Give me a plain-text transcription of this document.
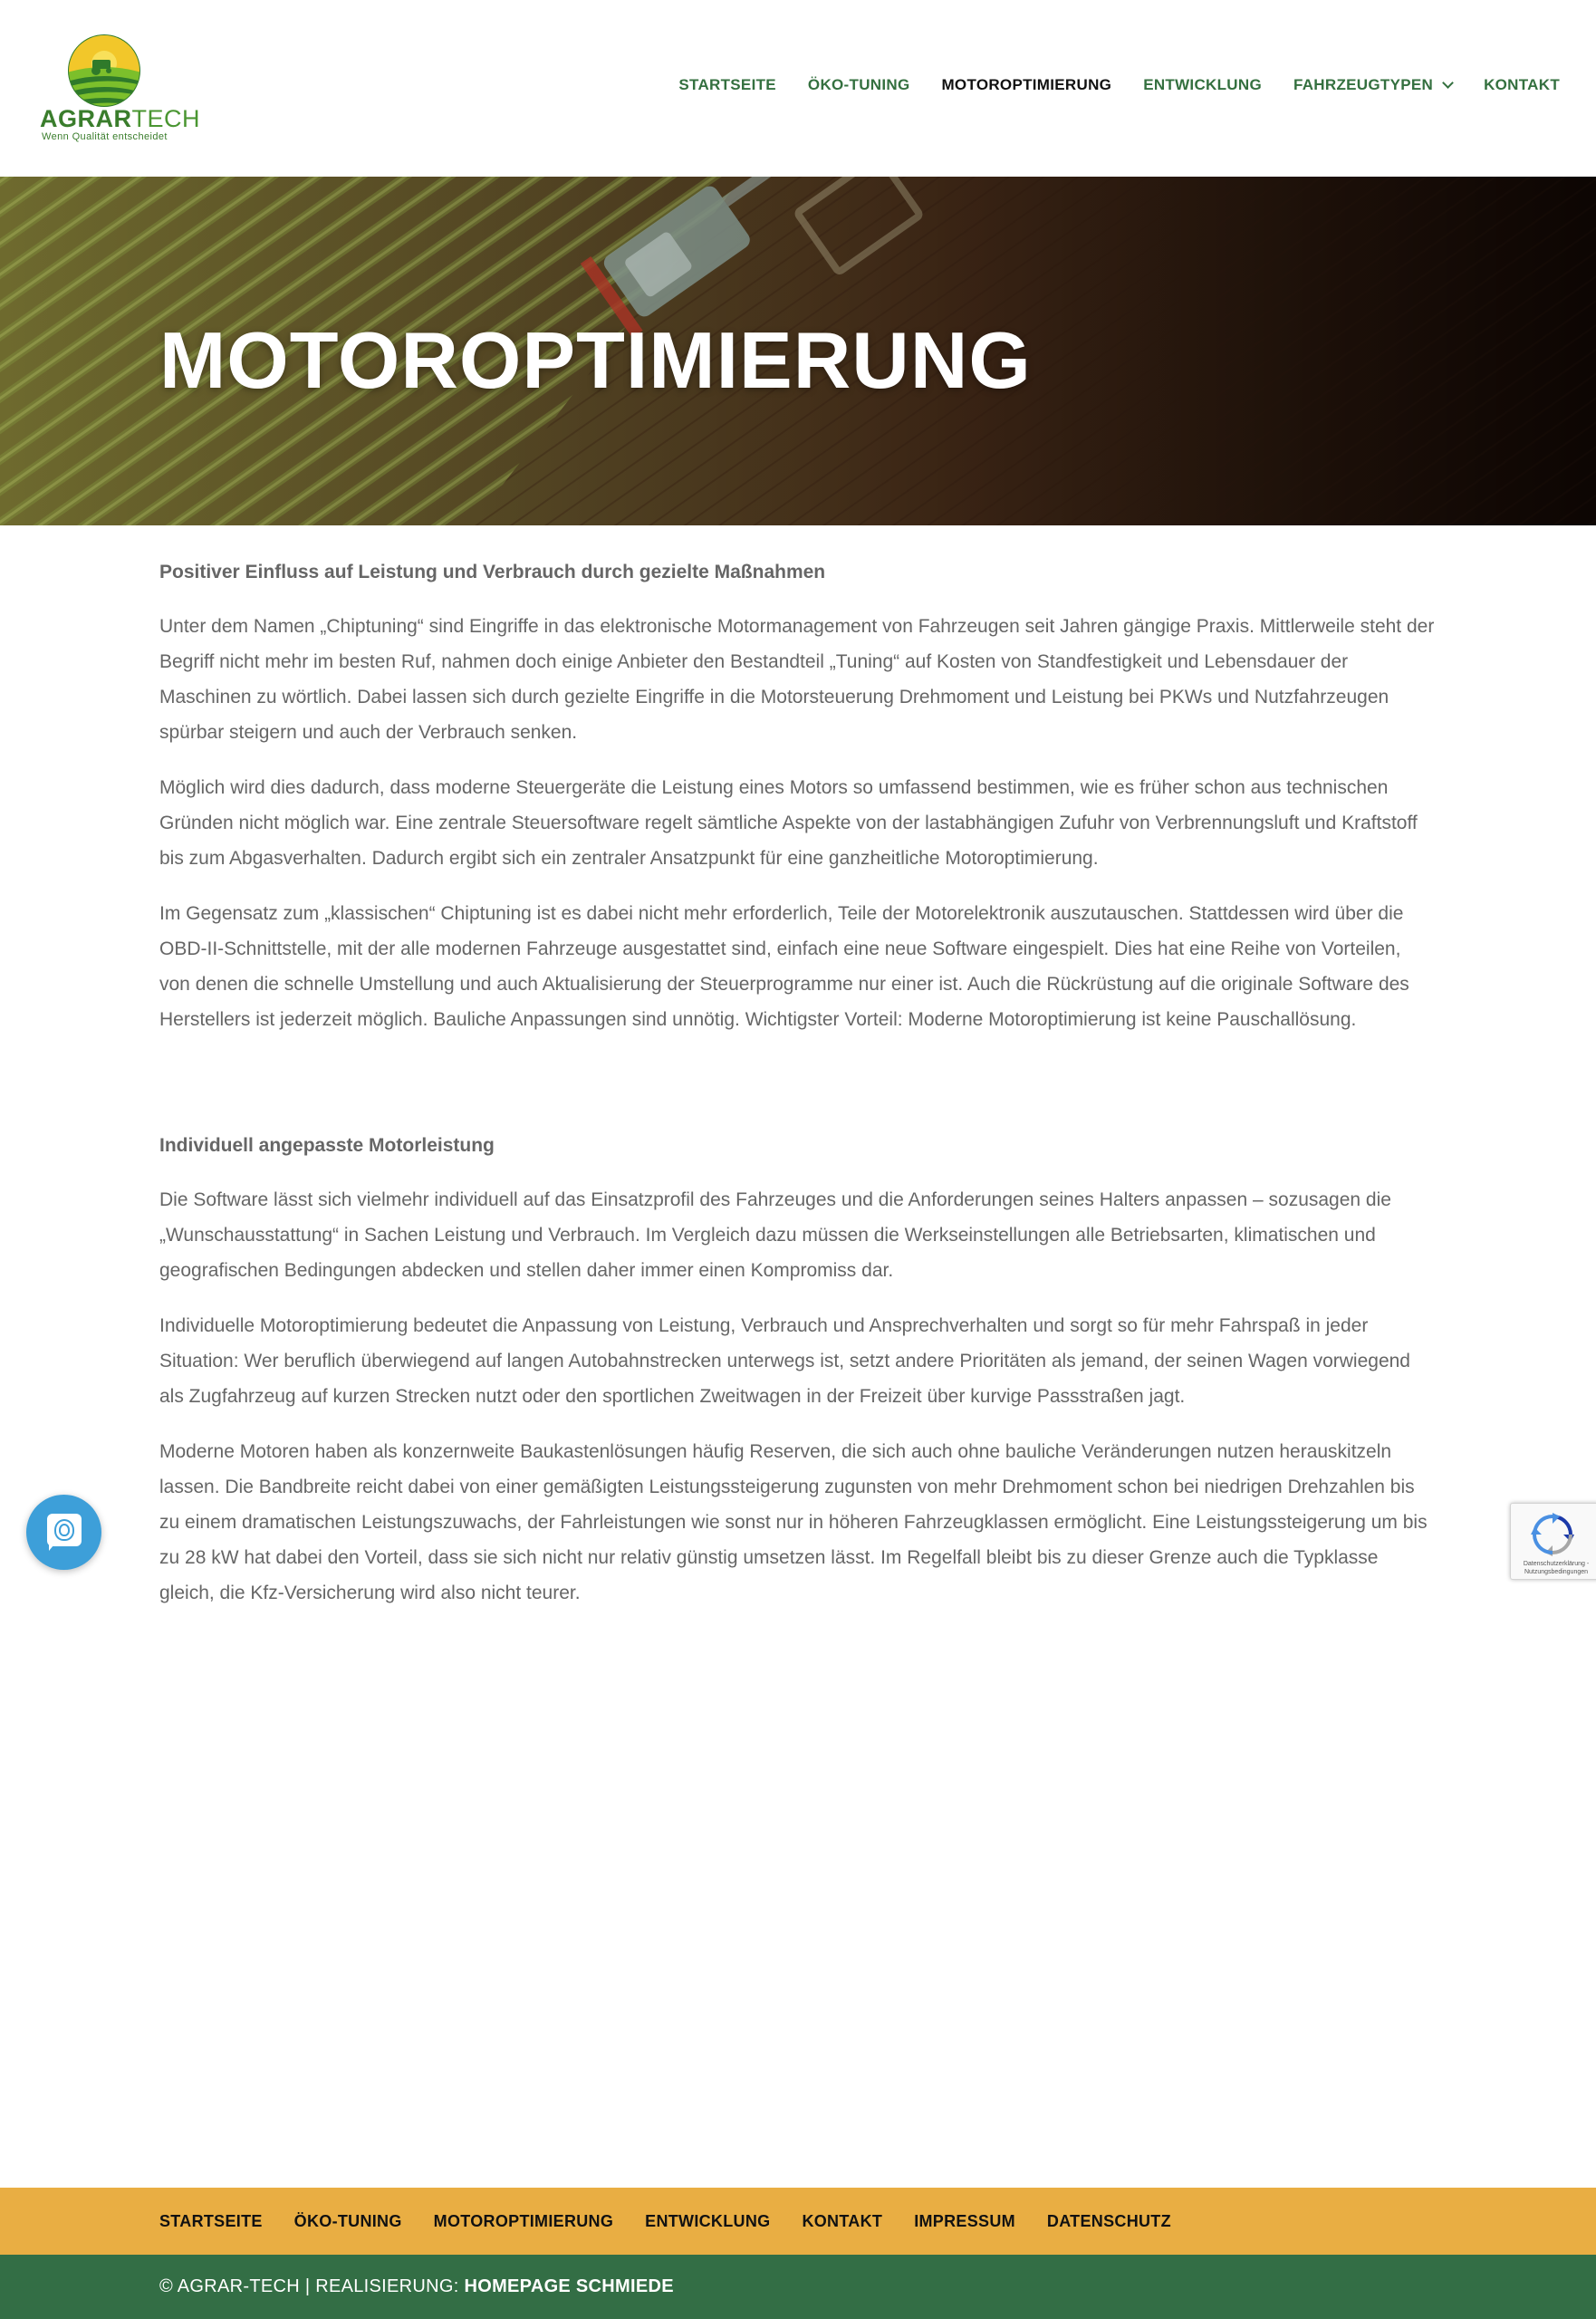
AGRARTECH
Wenn Qualität entscheidet
STARTSEITE ÖKO-TUNING MOTOROPTIMIERUNG ENTWICKLUNG FAHRZEUGTYPEN	KONTAKT
MOTOROPTIMIERUNG
Positiver Einfluss auf Leistung und Verbrauch durch gezielte Maßnahmen

Unter dem Namen „Chiptuning“ sind Eingriffe in das elektronische Motormanagement von Fahrzeugen seit Jahren gängige Praxis. Mittlerweile steht der Begriff nicht mehr im besten Ruf, nahmen doch einige Anbieter den Bestandteil „Tuning“ auf Kosten von Standfestigkeit und Lebensdauer der Maschinen zu wörtlich. Dabei lassen sich durch gezielte Eingriffe in die Motorsteuerung Drehmoment und Leistung bei PKWs und Nutzfahrzeugen spürbar steigern und auch der Verbrauch senken.

Möglich wird dies dadurch, dass moderne Steuergeräte die Leistung eines Motors so umfassend bestimmen, wie es früher schon aus technischen Gründen nicht möglich war. Eine zentrale Steuersoftware regelt sämtliche Aspekte von der lastabhängigen Zufuhr von Verbrennungsluft und Kraftstoff bis zum Abgasverhalten. Dadurch ergibt sich ein zentraler Ansatzpunkt für eine ganzheitliche Motoroptimierung.

Im Gegensatz zum „klassischen“ Chiptuning ist es dabei nicht mehr erforderlich, Teile der Motorelektronik auszutauschen. Stattdessen wird über die OBD-II-Schnittstelle, mit der alle modernen Fahrzeuge ausgestattet sind, einfach eine neue Software eingespielt. Dies hat eine Reihe von Vorteilen, von denen die schnelle Umstellung und auch Aktualisierung der Steuerprogramme nur einer ist. Auch die Rückrüstung auf die originale Software des Herstellers ist jederzeit möglich. Bauliche Anpassungen sind unnötig. Wichtigster Vorteil: Moderne Motoroptimierung ist keine Pauschallösung.

Individuell angepasste Motorleistung

Die Software lässt sich vielmehr individuell auf das Einsatzprofil des Fahrzeuges und die Anforderungen seines Halters anpassen – sozusagen die „Wunschausstattung“ in Sachen Leistung und Verbrauch. Im Vergleich dazu müssen die Werkseinstellungen alle Betriebsarten, klimatischen und geografischen Bedingungen abdecken und stellen daher immer einen Kompromiss dar.

Individuelle Motoroptimierung bedeutet die Anpassung von Leistung, Verbrauch und Ansprechverhalten und sorgt so für mehr Fahrspaß in jeder Situation: Wer beruflich überwiegend auf langen Autobahnstrecken unterwegs ist, setzt andere Prioritäten als jemand, der seinen Wagen vorwiegend als Zugfahrzeug auf kurzen Strecken nutzt oder den sportlichen Zweitwagen in der Freizeit über kurvige Passstraßen jagt.

Moderne Motoren haben als konzernweite Baukastenlösungen häufig Reserven, die sich auch ohne bauliche Veränderungen nutzen herauskitzeln lassen. Die Bandbreite reicht dabei von einer gemäßigten Leistungssteigerung zugunsten von mehr Drehmoment schon bei niedrigen Drehzahlen bis zu einem dramatischen Leistungszuwachs, der Fahrleistungen wie sonst nur in höheren Fahrzeugklassen ermöglicht. Eine Leistungssteigerung um bis zu 28 kW hat dabei den Vorteil, dass sie sich nicht nur relativ günstig umsetzen lässt. Im Regelfall bleibt bis zu dieser Grenze auch die Typklasse gleich, die Kfz-Versicherung wird also nicht teurer.

Datenschutzerklärung - Nutzungsbedingungen
STARTSEITE ÖKO-TUNING MOTOROPTIMIERUNG ENTWICKLUNG KONTAKT IMPRESSUM DATENSCHUTZ
© AGRAR-TECH | REALISIERUNG: HOMEPAGE SCHMIEDE
